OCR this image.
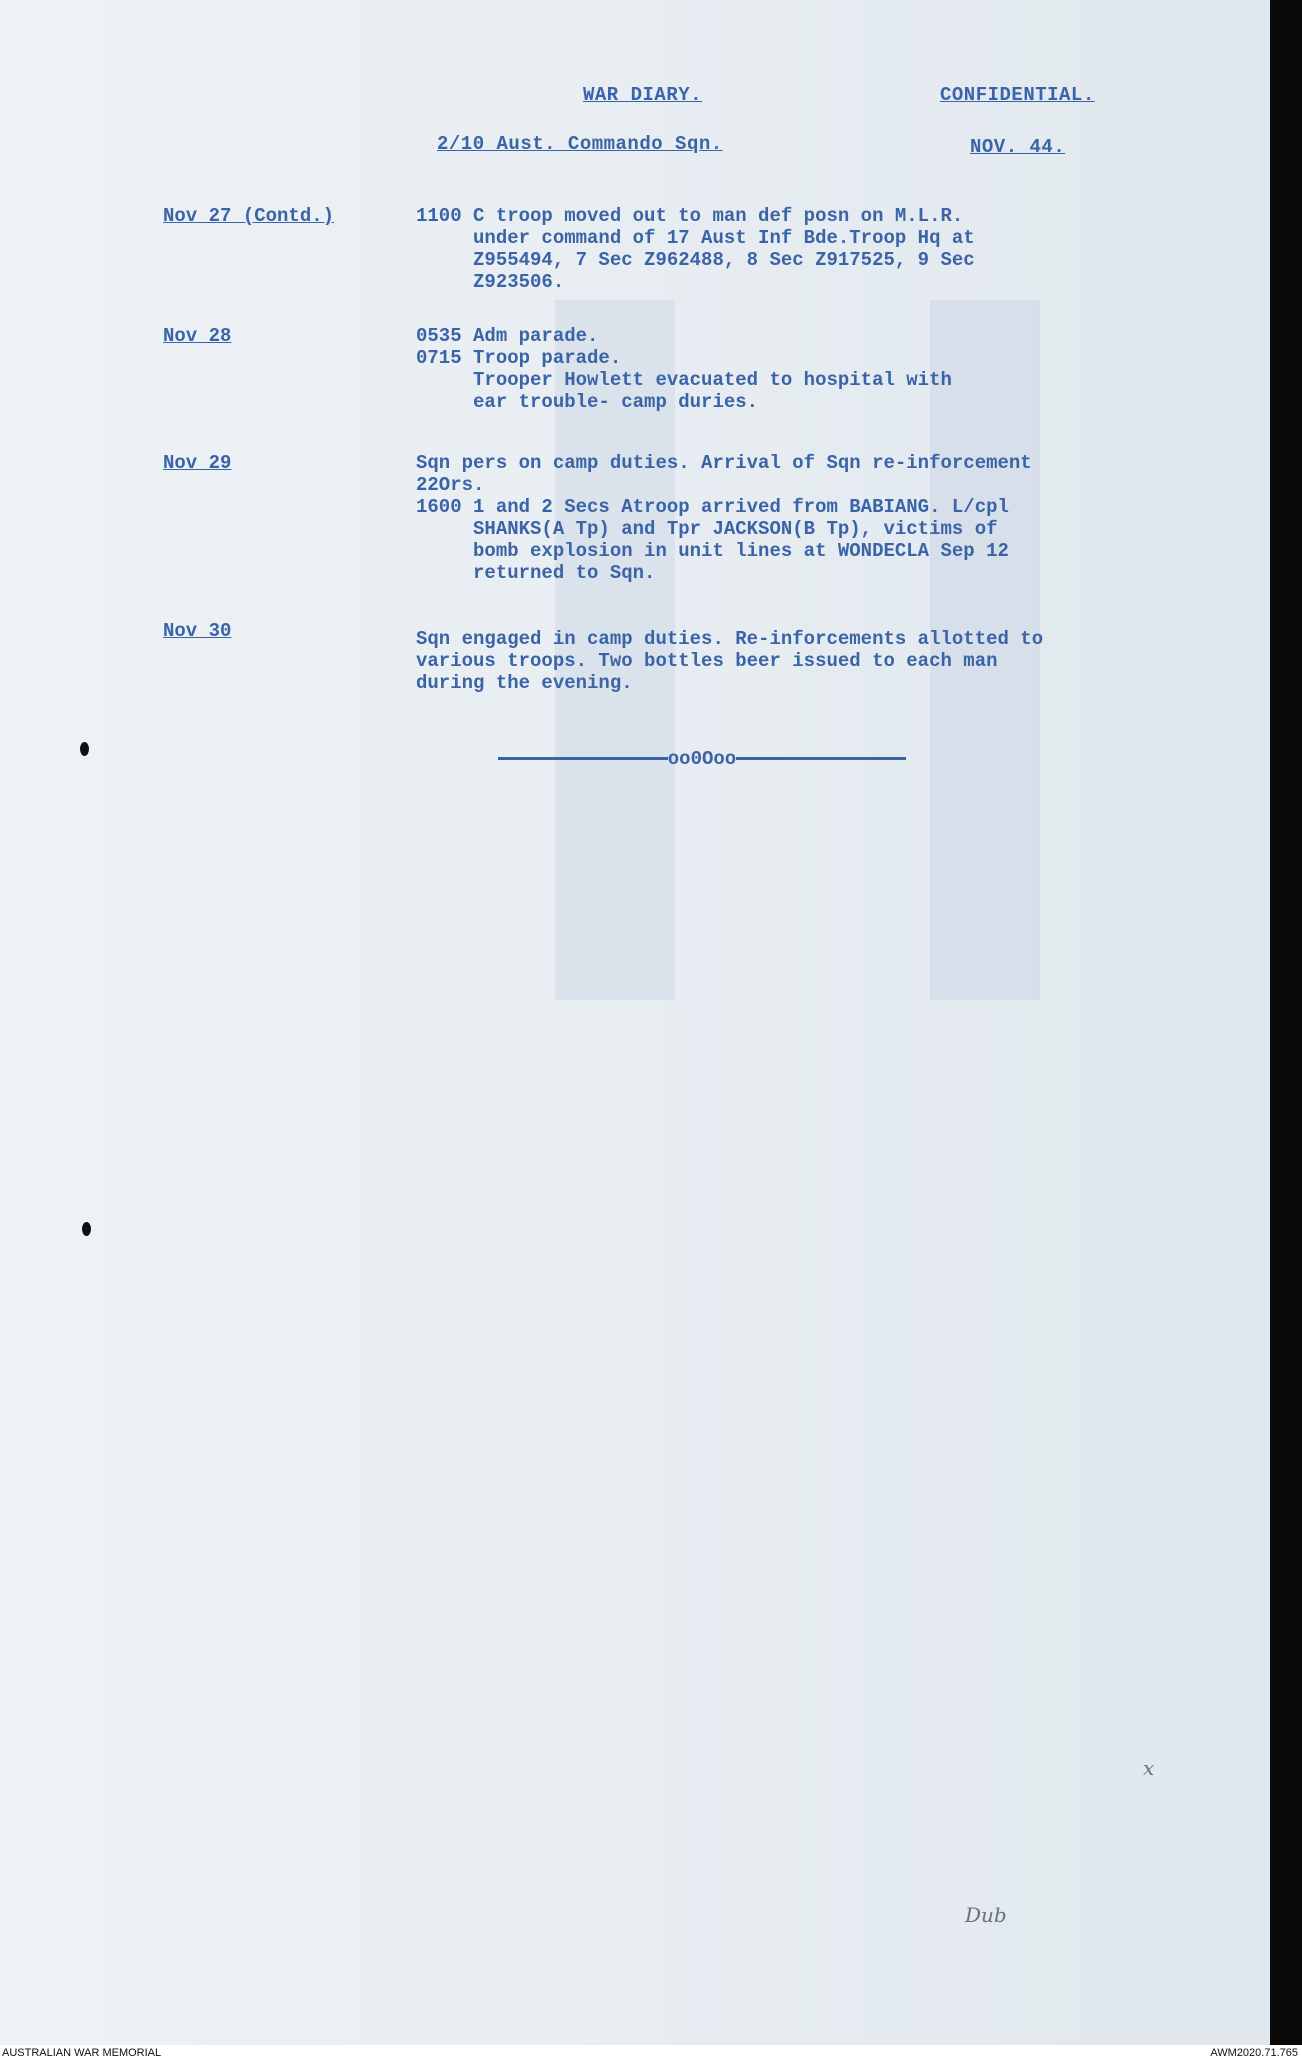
WAR DIARY.	CONFIDENTIAL.
2/10 Aust. Commando Sqn.	NOV. 44.
Nov 27 (Contd.)	1100 C troop moved out to man def posn on M.L.R.
under command of 17 Aust Inf Bde.Troop Hq at
Z955494, 7 Sec Z962488, 8 Sec Z917525, 9 Sec
Z923506.
Nov 28	0535 Adm parade.
0715 Troop parade.
Trooper Howlett evacuated to hospital with
ear trouble- camp duries.
Nov 29	Sqn pers on camp duties. Arrival of Sqn re-inforcement
22Ors.
1600 1 and 2 Secs Atroop arrived from BABIANG. L/cpl
SHANKS(A Tp) and Tpr JACKSON(B Tp), victims of
bomb explosion in unit lines at WONDECLA Sep 12
returned to Sqn.
Nov 30	Sqn engaged in camp duties. Re-inforcements allotted to
various troops. Two bottles beer issued to each man
during the evening.
oo0Ooo
x
Dub
AUSTRALIAN WAR MEMORIAL	AWM2020.71.765
